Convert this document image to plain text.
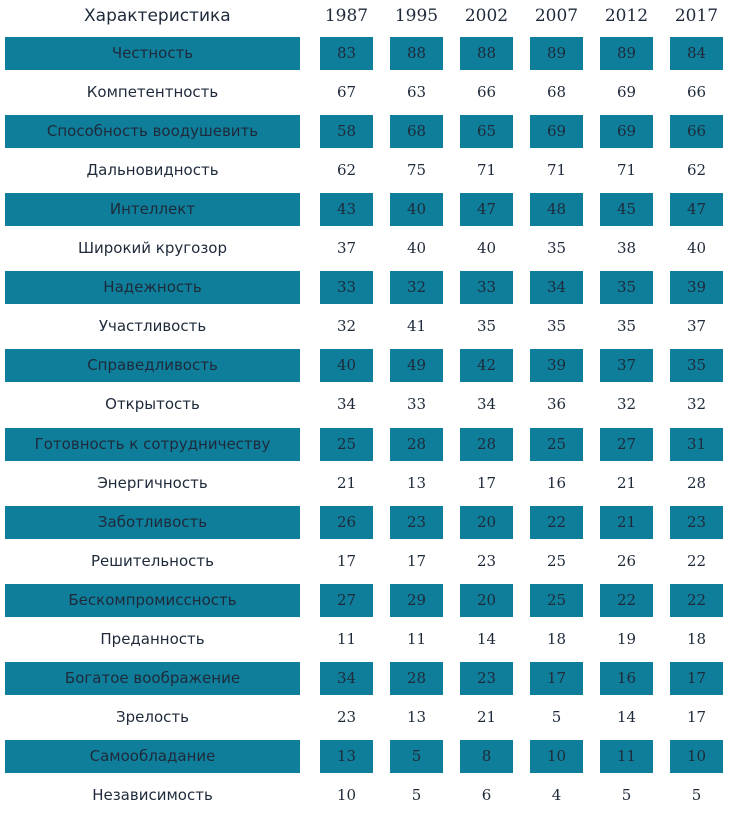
Характеристика	1987 1995 2002 2007 2012 2017
Честность	83	88	88	89	89	84
Компетентность	67	63	66	68	69	66
Способность воодушевить	58	68	65	69	69	66
Дальновидность	62	75	71	71	71	62
Интеллект	43	40	47	48	45	47
Широкий кругозор	37	40	40	35	38	40
Надежность	33	32	33	34	35	39
Участливость	32	41	35	35	35	37
Справедливость	40	49	42	39	37	35
Открытость	34	33	34	36	32	32
Готовность к сотрудничеству	25	28	28	25	27	31
Энергичность	21	13	17	16	21	28
Заботливость	26	23	20	22	21	23
Решительность	17	17	23	25	26	22
Бескомпромиссность	27	29	20	25	22	22
Преданность	11	11	14	18	19	18
Богатое воображение	34	28	23	17	16	17
Зрелость	23	13	21	5	14	17
Самообладание	13	5	8	10	11	10
Независимость	10	5	6	4	5	5
